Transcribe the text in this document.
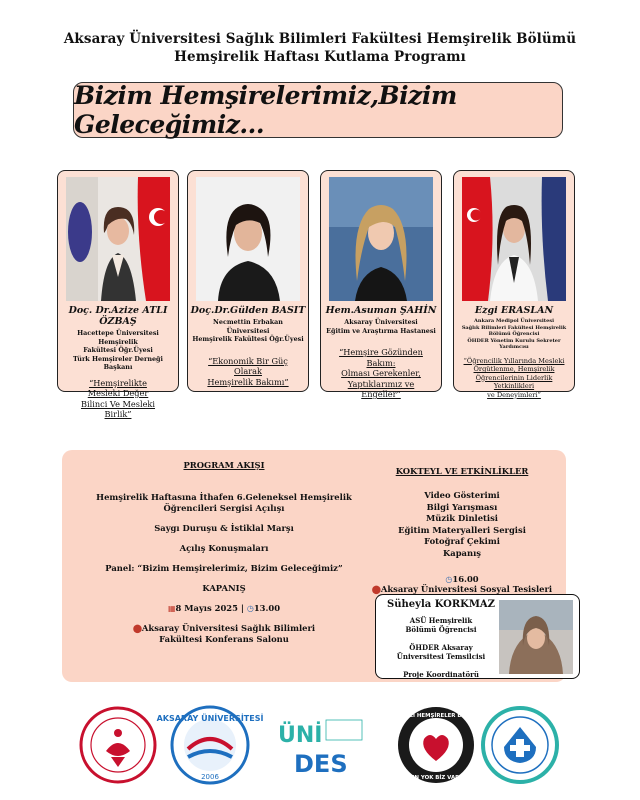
Aksaray Üniversitesi Sağlık Bilimleri Fakültesi Hemşirelik Bölümü
Hemşirelik Haftası Kutlama Programı
Bizim Hemşirelerimiz,Bizim Geleceğimiz...
Doç. Dr.Azize ATLI ÖZBAŞ
Hacettepe Üniversitesi Hemşirelik
Fakültesi Öğr.Üyesi
Türk Hemşireler Derneği Başkanı
“Hemşirelikte
Mesleki Değer
Bilinci Ve Mesleki
Birlik”
Doç.Dr.Gülden BASIT
Necmettin Erbakan Üniversitesi
Hemşirelik Fakültesi Öğr.Üyesi
“Ekonomik Bir Güç Olarak
Hemşirelik Bakımı”
Hem.Asuman ŞAHİN
Aksaray Üniversitesi
Eğitim ve Araştırma Hastanesi
“Hemşire Gözünden Bakım:
Olması Gerekenler,
Yaptıklarımız ve Engeller”
Ezgi ERASLAN
Ankara Medipol Üniversitesi
Sağlık Bilimleri Fakültesi Hemşirelik
Bölümü Öğrencisi
ÖHDER Yönetim Kurulu Sekreter Yardımcısı
“Öğrencilik Yıllarında Mesleki
Örgütlenme, Hemşirelik
Öğrencilerinin Liderlik Yetkinlikleri
ve Deneyimleri”
PROGRAM AKIŞI
Hemşirelik Haftasına İthafen 6.Geleneksel Hemşirelik
Öğrencileri Sergisi Açılışı
Saygı Duruşu & İstiklal Marşı
Açılış Konuşmaları
Panel: “Bizim Hemşirelerimiz, Bizim Geleceğimiz”
KAPANIŞ
▦8 Mayıs 2025 | ◷13.00
⬤Aksaray Üniversitesi Sağlık Bilimleri
Fakültesi Konferans Salonu
KOKTEYL VE ETKİNLİKLER
Video Gösterimi
Bilgi Yarışması
Müzik Dinletisi
Eğitim Materyalleri Sergisi
Fotoğraf Çekimi
Kapanış
◷16.00
⬤Aksaray Üniversitesi Sosyal Tesisleri
Süheyla KORKMAZ
ASÜ Hemşirelik
Bölümü Öğrencisi
ÖHDER Aksaray
Üniversitesi Temsilcisi
Proje Koordinatörü
AKSARAY ÜNİVERSİTESİ
2006
ÜNİ
DES
ÖĞRENCİ HEMŞİRELER DERNEĞİ
BEN YOK BİZ VARIZ
